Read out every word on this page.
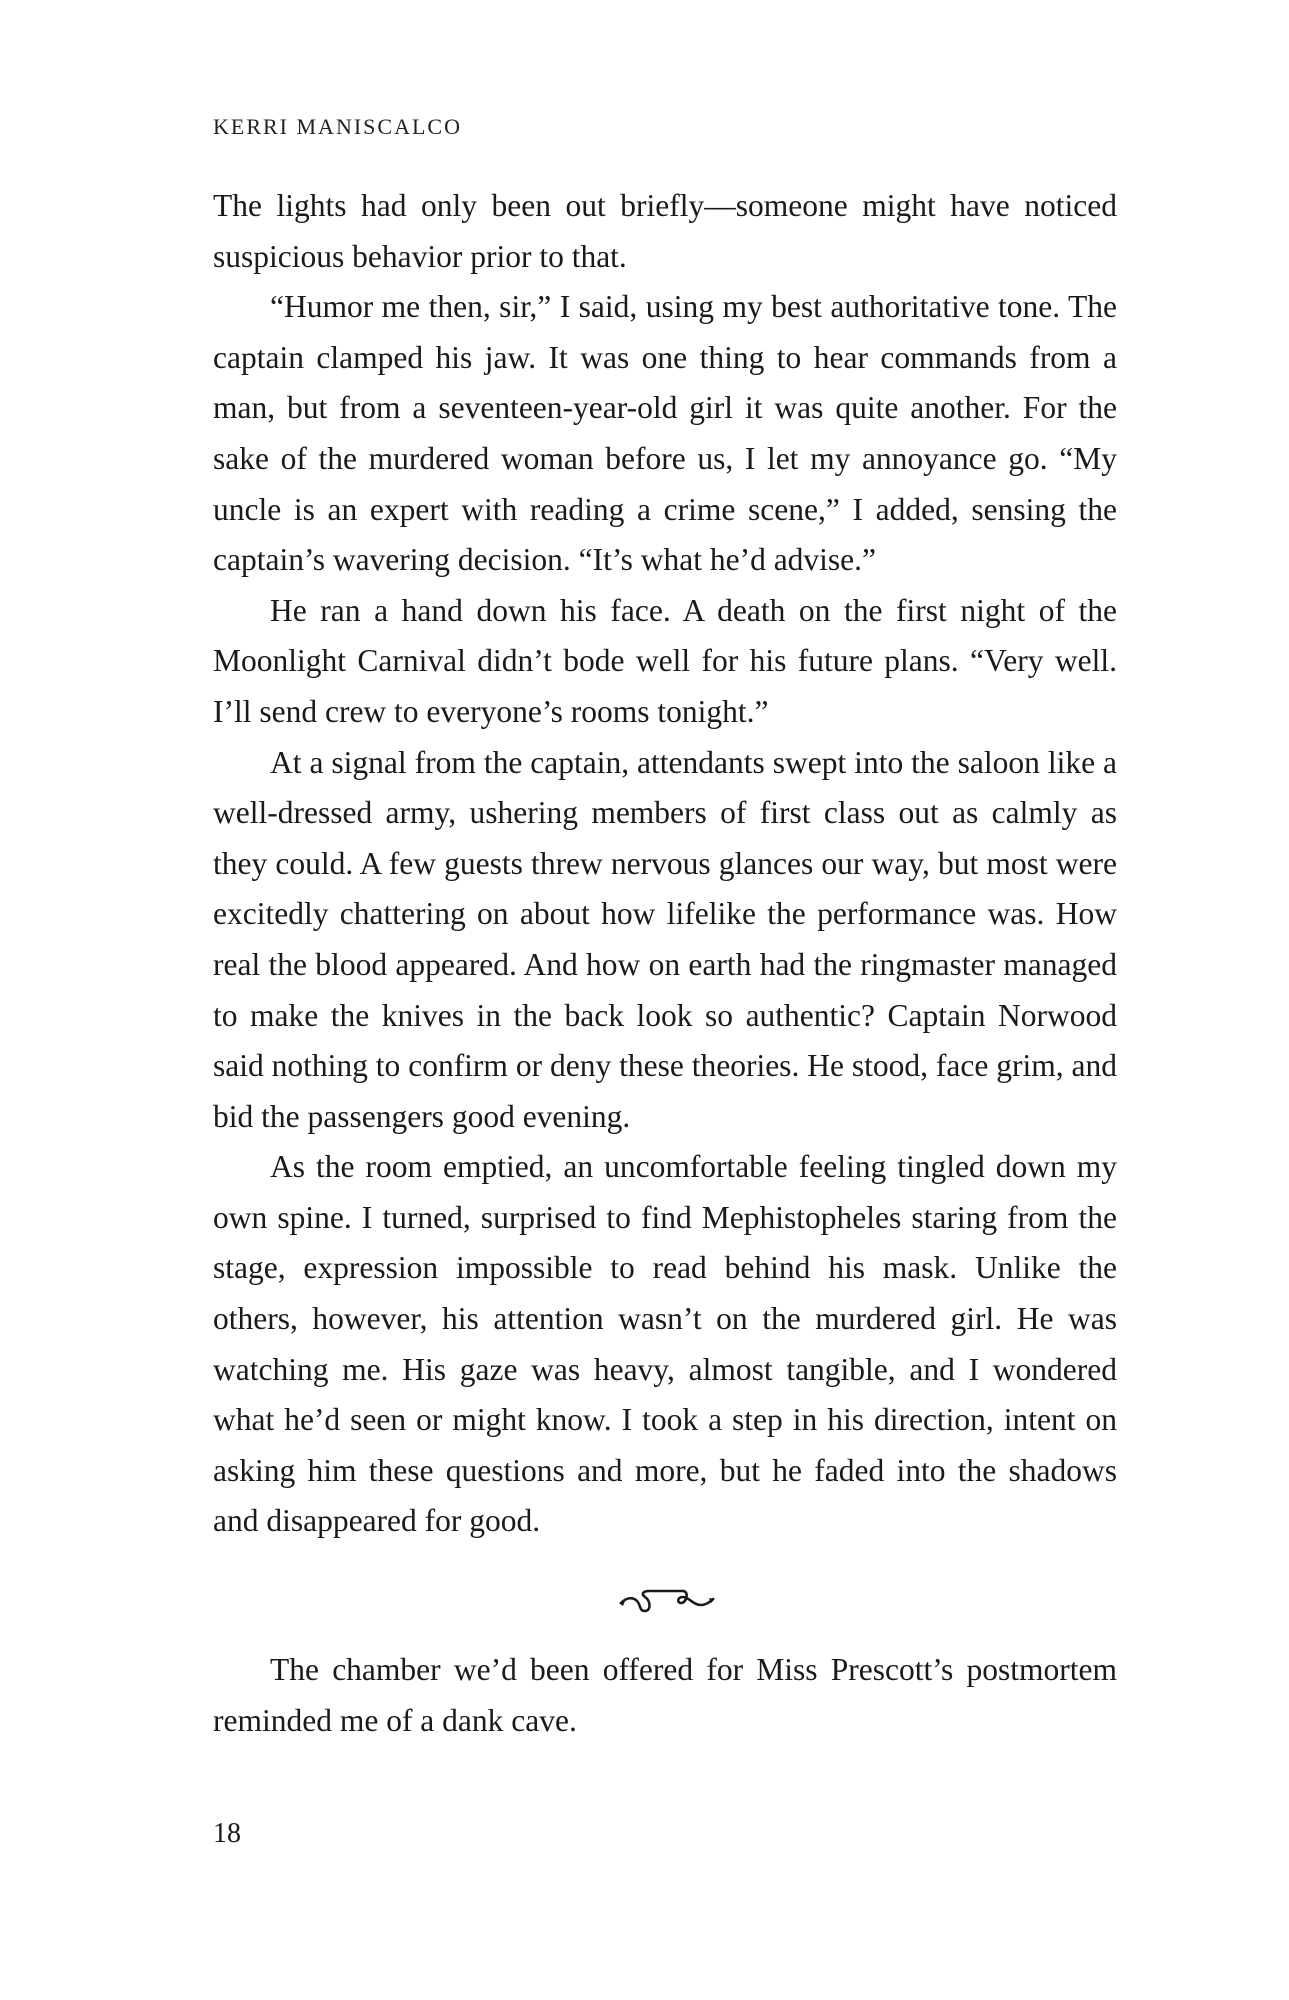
KERRI MANISCALCO

The lights had only been out briefly—someone might have noticed suspicious behavior prior to that.

“Humor me then, sir,” I said, using my best authoritative tone. The captain clamped his jaw. It was one thing to hear commands from a man, but from a seventeen-year-old girl it was quite another. For the sake of the murdered woman before us, I let my annoyance go. “My uncle is an expert with reading a crime scene,” I added, sensing the captain’s wavering decision. “It’s what he’d advise.”

He ran a hand down his face. A death on the first night of the Moonlight Carnival didn’t bode well for his future plans. “Very well. I’ll send crew to everyone’s rooms tonight.”

At a signal from the captain, attendants swept into the saloon like a well-dressed army, ushering members of first class out as calmly as they could. A few guests threw nervous glances our way, but most were excitedly chattering on about how lifelike the performance was. How real the blood appeared. And how on earth had the ringmaster managed to make the knives in the back look so authentic? Captain Norwood said nothing to confirm or deny these theories. He stood, face grim, and bid the passengers good evening.

As the room emptied, an uncomfortable feeling tingled down my own spine. I turned, surprised to find Mephistopheles staring from the stage, expression impossible to read behind his mask. Unlike the others, however, his attention wasn’t on the murdered girl. He was watching me. His gaze was heavy, almost tangible, and I wondered what he’d seen or might know. I took a step in his direction, intent on asking him these questions and more, but he faded into the shadows and disappeared for good.

The chamber we’d been offered for Miss Prescott’s postmortem reminded me of a dank cave.

18
